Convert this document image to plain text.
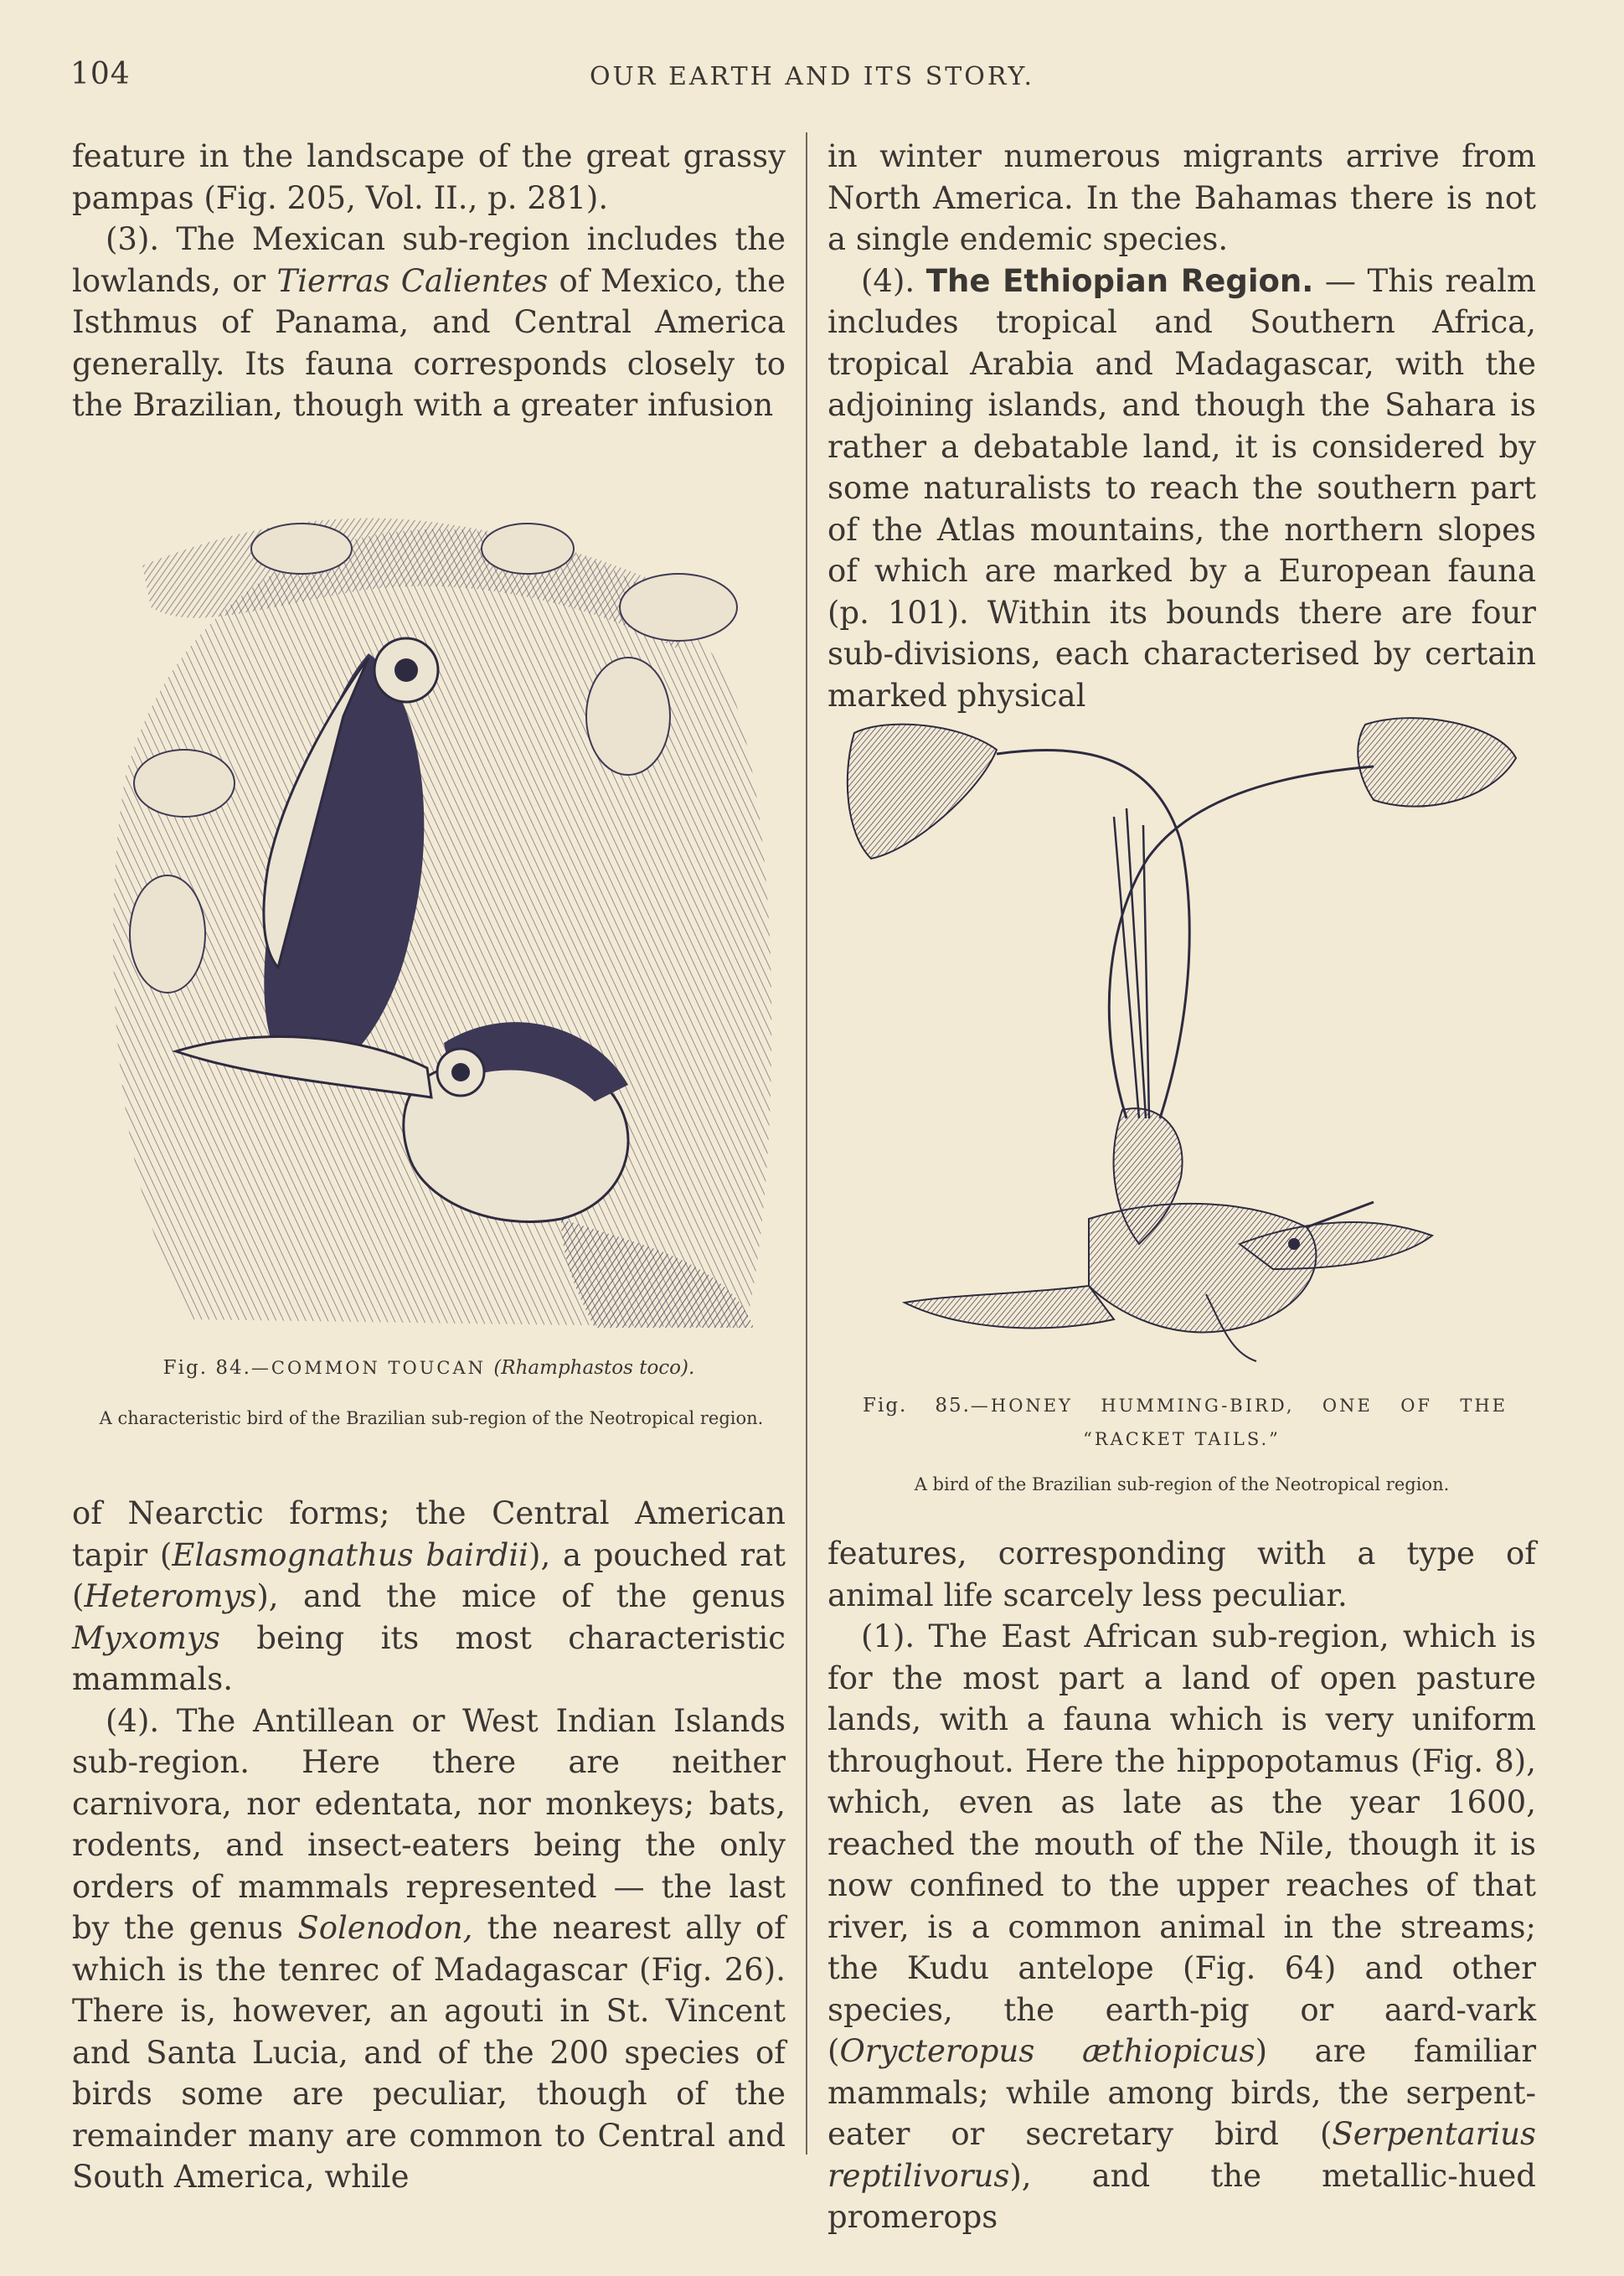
104	OUR EARTH AND ITS STORY.

feature in the landscape of the great grassy pampas (Fig. 205, Vol. II., p. 281).

(3). The Mexican sub-region includes the lowlands, or Tierras Calientes of Mexico, the Isthmus of Panama, and Central America generally. Its fauna corresponds closely to the Brazilian, though with a greater infusion

Fig. 84.—COMMON TOUCAN (Rhamphastos toco).
A characteristic bird of the Brazilian sub-region of the Neotropical region.

of Nearctic forms; the Central American tapir (Elasmognathus bairdii), a pouched rat (Heteromys), and the mice of the genus Myxomys being its most characteristic mammals.

(4). The Antillean or West Indian Islands sub-region. Here there are neither carnivora, nor edentata, nor monkeys; bats, rodents, and insect-eaters being the only orders of mammals represented — the last by the genus Solenodon, the nearest ally of which is the tenrec of Madagascar (Fig. 26). There is, however, an agouti in St. Vincent and Santa Lucia, and of the 200 species of birds some are peculiar, though of the remainder many are common to Central and South America, while

in winter numerous migrants arrive from North America. In the Bahamas there is not a single endemic species.

(4). The Ethiopian Region. — This realm includes tropical and Southern Africa, tropical Arabia and Madagascar, with the adjoining islands, and though the Sahara is rather a debatable land, it is considered by some naturalists to reach the southern part of the Atlas mountains, the northern slopes of which are marked by a European fauna (p. 101). Within its bounds there are four sub-divisions, each characterised by certain marked physical

Fig. 85.—HONEY HUMMING-BIRD, ONE OF THE
“RACKET TAILS.”
A bird of the Brazilian sub-region of the Neotropical region.

features, corresponding with a type of animal life scarcely less peculiar.

(1). The East African sub-region, which is for the most part a land of open pasture lands, with a fauna which is very uniform throughout. Here the hippopotamus (Fig. 8), which, even as late as the year 1600, reached the mouth of the Nile, though it is now confined to the upper reaches of that river, is a common animal in the streams; the Kudu antelope (Fig. 64) and other species, the earth-pig or aard-vark (Orycteropus æthiopicus) are familiar mammals; while among birds, the serpent-eater or secretary bird (Serpentarius reptilivorus), and the metallic-hued promerops
